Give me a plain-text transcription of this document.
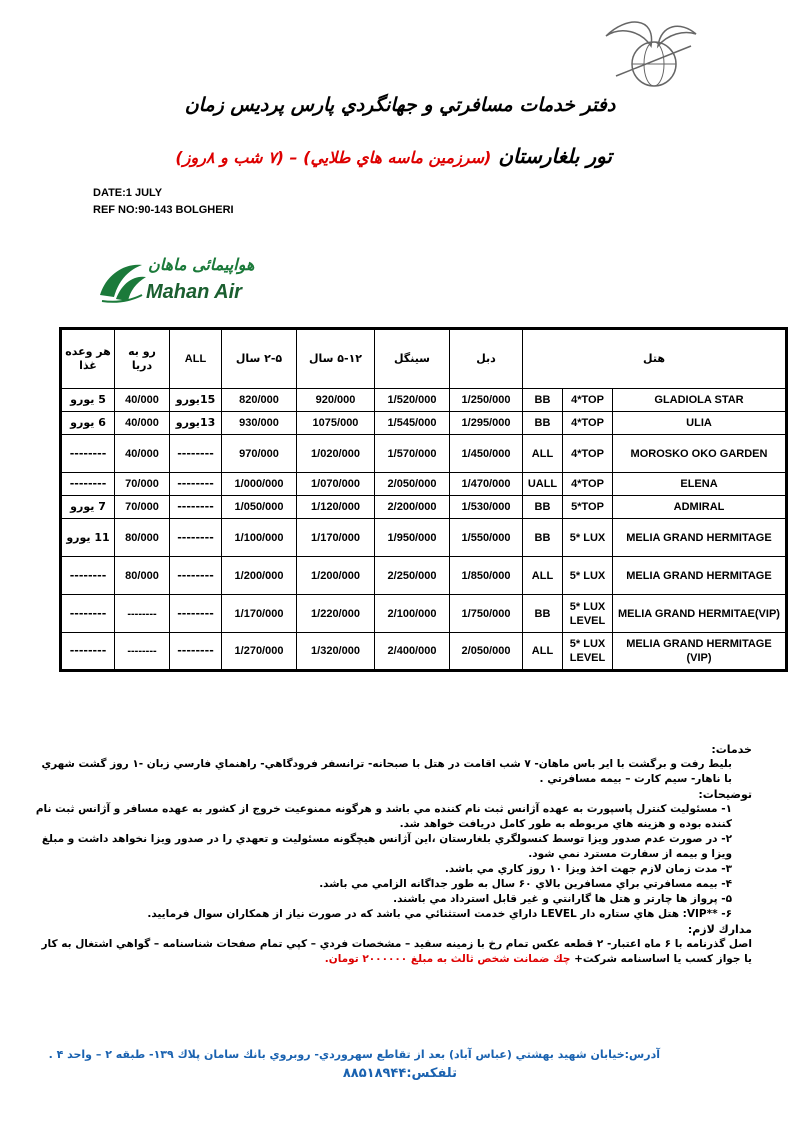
دفتر خدمات مسافرتي و جهانگردي پارس پرديس زمان
تور بلغارستان (سرزمين ماسه هاي طلايي) – (۷ شب و ۸روز)
DATE:1 JULY
REF NO:90-143 BOLGHERI
هواپیمائی ماهان
Mahan Air
هر وعده غذا	رو به دريا	ALL	۲-۵ سال	۵-۱۲ سال	سينگل	دبل	هتل		
5 يورو	40/000	15يورو	820/000	920/000	1/520/000	1/250/000	BB	4*TOP	GLADIOLA STAR
6 يورو	40/000	13يورو	930/000	1075/000	1/545/000	1/295/000	BB	4*TOP	ULIA
--------	40/000	--------	970/000	1/020/000	1/570/000	1/450/000	ALL	4*TOP	MOROSKO OKO GARDEN
--------	70/000	--------	1/000/000	1/070/000	2/050/000	1/470/000	UALL	4*TOP	ELENA
7 يورو	70/000	--------	1/050/000	1/120/000	2/200/000	1/530/000	BB	5*TOP	ADMIRAL
11 يورو	80/000	--------	1/100/000	1/170/000	1/950/000	1/550/000	BB	5* LUX	MELIA GRAND HERMITAGE
--------	80/000	--------	1/200/000	1/200/000	2/250/000	1/850/000	ALL	5* LUX	MELIA GRAND HERMITAGE
--------	--------	--------	1/170/000	1/220/000	2/100/000	1/750/000	BB	5* LUX LEVEL	MELIA GRAND HERMITAE(VIP)
--------	--------	--------	1/270/000	1/320/000	2/400/000	2/050/000	ALL	5* LUX LEVEL	MELIA GRAND HERMITAGE (VIP)

خدمات:

بليط رفت و برگشت با اير باس ماهان- ۷ شب اقامت در هتل با صبحانه- ترانسفر فرودگاهي- راهنماي فارسي زبان -۱ روز گشت شهري با ناهار- سيم كارت – بيمه مسافرتي .

توضيحات:

۱- مسئوليت كنترل پاسپورت به عهده آژانس ثبت نام كننده مي باشد و هرگونه ممنوعيت خروج از كشور به عهده مسافر و آژانس ثبت نام كننده بوده و هزينه هاي مربوطه به طور كامل دريافت خواهد شد.

۲- در صورت عدم صدور ويزا توسط كنسولگري بلغارستان ،اين آژانس هيچگونه مسئوليت و تعهدي را در صدور ويزا نخواهد داشت و مبلغ ويزا و بيمه از سفارت مسترد نمي شود.

۳- مدت زمان لازم جهت اخذ ويزا ۱۰ روز كاري مي باشد.

۴- بيمه مسافرتي براي مسافرين بالاي ۶۰ سال به طور جداگانه الزامي مي باشد.

۵- پرواز ها چارتر و هتل ها گارانتي و غير قابل استرداد مي باشند.

۶- **VIP: هتل هاي ستاره دار LEVEL داراي خدمت استثنائي مي باشد كه در صورت نياز از همكاران سوال فرماييد.

مدارك لازم:

اصل گذرنامه با ۶ ماه اعتبار- ۲ قطعه عكس تمام رخ با زمينه سفيد – مشخصات فردي – كپي تمام صفحات شناسنامه – گواهي اشتغال به كار يا جواز كسب يا اساسنامه شركت+ چك ضمانت شخص ثالث به مبلغ ۲۰۰۰۰۰۰ تومان.

آدرس:خيابان شهيد بهشتي (عباس آباد) بعد از تقاطع سهروردي- روبروي بانك سامان پلاك ۱۳۹- طبقه ۲ – واحد ۴ .
تلفكس:۸۸۵۱۸۹۴۴
